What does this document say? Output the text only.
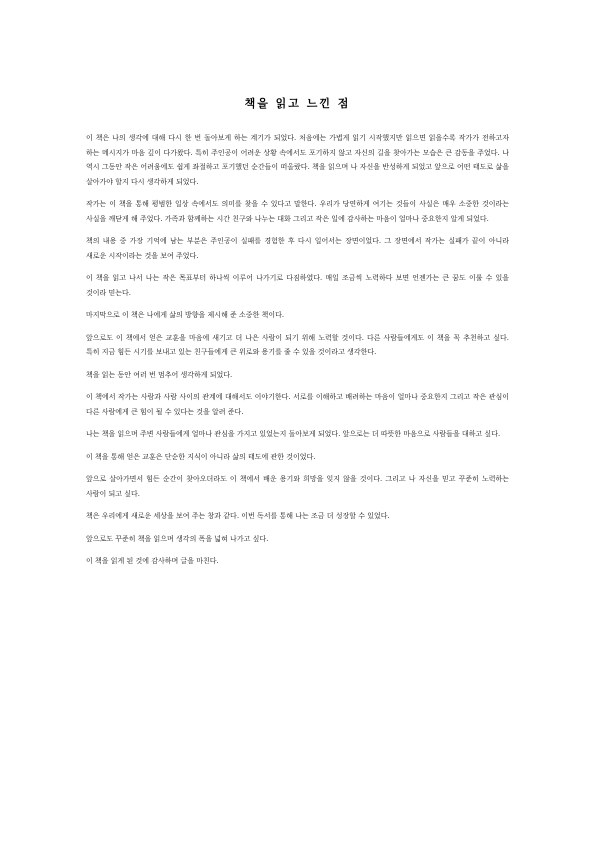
책을 읽고 느낀 점

이 책은 나의 생각에 대해 다시 한 번 돌아보게 하는 계기가 되었다. 처음에는 가볍게 읽기 시작했지만 읽으면 읽을수록 작가가 전하고자 하는 메시지가 마음 깊이 다가왔다. 특히 주인공이 어려운 상황 속에서도 포기하지 않고 자신의 길을 찾아가는 모습은 큰 감동을 주었다. 나 역시 그동안 작은 어려움에도 쉽게 좌절하고 포기했던 순간들이 떠올랐다. 책을 읽으며 나 자신을 반성하게 되었고 앞으로 어떤 태도로 삶을 살아가야 할지 다시 생각하게 되었다.

작가는 이 책을 통해 평범한 일상 속에서도 의미를 찾을 수 있다고 말한다. 우리가 당연하게 여기는 것들이 사실은 매우 소중한 것이라는 사실을 깨닫게 해 주었다. 가족과 함께하는 시간 친구와 나누는 대화 그리고 작은 일에 감사하는 마음이 얼마나 중요한지 알게 되었다.

책의 내용 중 가장 기억에 남는 부분은 주인공이 실패를 경험한 후 다시 일어서는 장면이었다. 그 장면에서 작가는 실패가 끝이 아니라 새로운 시작이라는 것을 보여 주었다.

이 책을 읽고 나서 나는 작은 목표부터 하나씩 이루어 나가기로 다짐하였다. 매일 조금씩 노력하다 보면 언젠가는 큰 꿈도 이룰 수 있을 것이라 믿는다.

마지막으로 이 책은 나에게 삶의 방향을 제시해 준 소중한 책이다.

앞으로도 이 책에서 얻은 교훈을 마음에 새기고 더 나은 사람이 되기 위해 노력할 것이다. 다른 사람들에게도 이 책을 꼭 추천하고 싶다. 특히 지금 힘든 시기를 보내고 있는 친구들에게 큰 위로와 용기를 줄 수 있을 것이라고 생각한다.

책을 읽는 동안 여러 번 멈추어 생각하게 되었다.

이 책에서 작가는 사람과 사람 사이의 관계에 대해서도 이야기한다. 서로를 이해하고 배려하는 마음이 얼마나 중요한지 그리고 작은 관심이 다른 사람에게 큰 힘이 될 수 있다는 것을 알려 준다.

나는 책을 읽으며 주변 사람들에게 얼마나 관심을 가지고 있었는지 돌아보게 되었다. 앞으로는 더 따뜻한 마음으로 사람들을 대하고 싶다.

이 책을 통해 얻은 교훈은 단순한 지식이 아니라 삶의 태도에 관한 것이었다.

앞으로 살아가면서 힘든 순간이 찾아오더라도 이 책에서 배운 용기와 희망을 잊지 않을 것이다. 그리고 나 자신을 믿고 꾸준히 노력하는 사람이 되고 싶다.

책은 우리에게 새로운 세상을 보여 주는 창과 같다. 이번 독서를 통해 나는 조금 더 성장할 수 있었다.

앞으로도 꾸준히 책을 읽으며 생각의 폭을 넓혀 나가고 싶다.

이 책을 읽게 된 것에 감사하며 글을 마친다.
